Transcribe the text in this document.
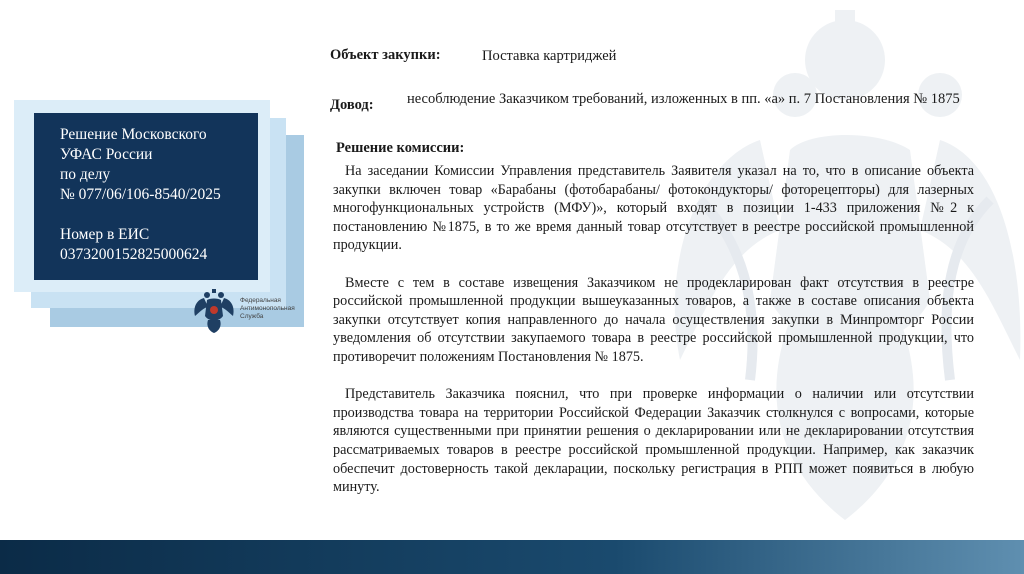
Решение Московского
УФАС России
по делу
№ 077/06/106-8540/2025

Номер в ЕИС
0373200152825000624
Федеральная
Антимонопольная
Служба
Объект закупки:	Поставка картриджей
Довод: несоблюдение Заказчиком требований, изложенных в пп. «а» п. 7 Постановления № 1875
Решение комиссии:

На заседании Комиссии Управления представитель Заявителя указал на то, что в описание объекта закупки включен товар «Барабаны (фотобарабаны/ фотокондукторы/ фоторецепторы) для лазерных многофункциональных устройств (МФУ)», который входят в позиции 1-433 приложения №2 к постановлению №1875, в то же время данный товар отсутствует в реестре российской промышленной продукции.

Вместе с тем в составе извещения Заказчиком не продекларирован факт отсутствия в реестре российской промышленной продукции вышеуказанных товаров, а также в составе описания объекта закупки отсутствует копия направленного до начала осуществления закупки в Минпромторг России уведомления об отсутствии закупаемого товара в реестре российской промышленной продукции, что противоречит положениям Постановления № 1875.

Представитель Заказчика пояснил, что при проверке информации о наличии или отсутствии производства товара на территории Российской Федерации Заказчик столкнулся с вопросами, которые являются существенными при принятии решения о декларировании или не декларировании отсутствия рассматриваемых товаров в реестре российской промышленной продукции. Например, как заказчик обеспечит достоверность такой декларации, поскольку регистрация в РПП может появиться в любую минуту.
